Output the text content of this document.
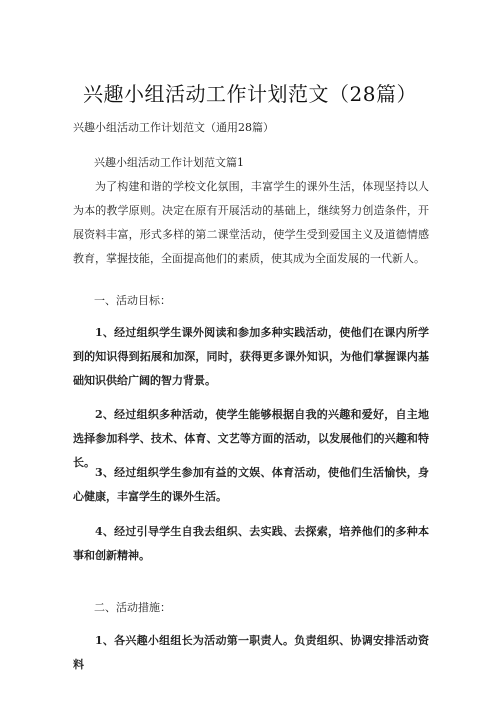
兴趣小组活动工作计划范文（28篇）
兴趣小组活动工作计划范文（通用28篇）
兴趣小组活动工作计划范文篇1
为了构建和谐的学校文化氛围，丰富学生的课外生活，体现坚持以人为本的教学原则。决定在原有开展活动的基础上，继续努力创造条件，开展资料丰富，形式多样的第二课堂活动，使学生受到爱国主义及道德情感教育，掌握技能，全面提高他们的素质，使其成为全面发展的一代新人。
一、活动目标：
1、经过组织学生课外阅读和参加多种实践活动，使他们在课内所学到的知识得到拓展和加深，同时，获得更多课外知识，为他们掌握课内基础知识供给广阔的智力背景。
2、经过组织多种活动，使学生能够根据自我的兴趣和爱好，自主地选择参加科学、技术、体育、文艺等方面的活动，以发展他们的兴趣和特长。
3、经过组织学生参加有益的文娱、体育活动，使他们生活愉快，身心健康，丰富学生的课外生活。
4、经过引导学生自我去组织、去实践、去探索，培养他们的多种本事和创新精神。
二、活动措施：
1、各兴趣小组组长为活动第一职责人。负责组织、协调安排活动资料
